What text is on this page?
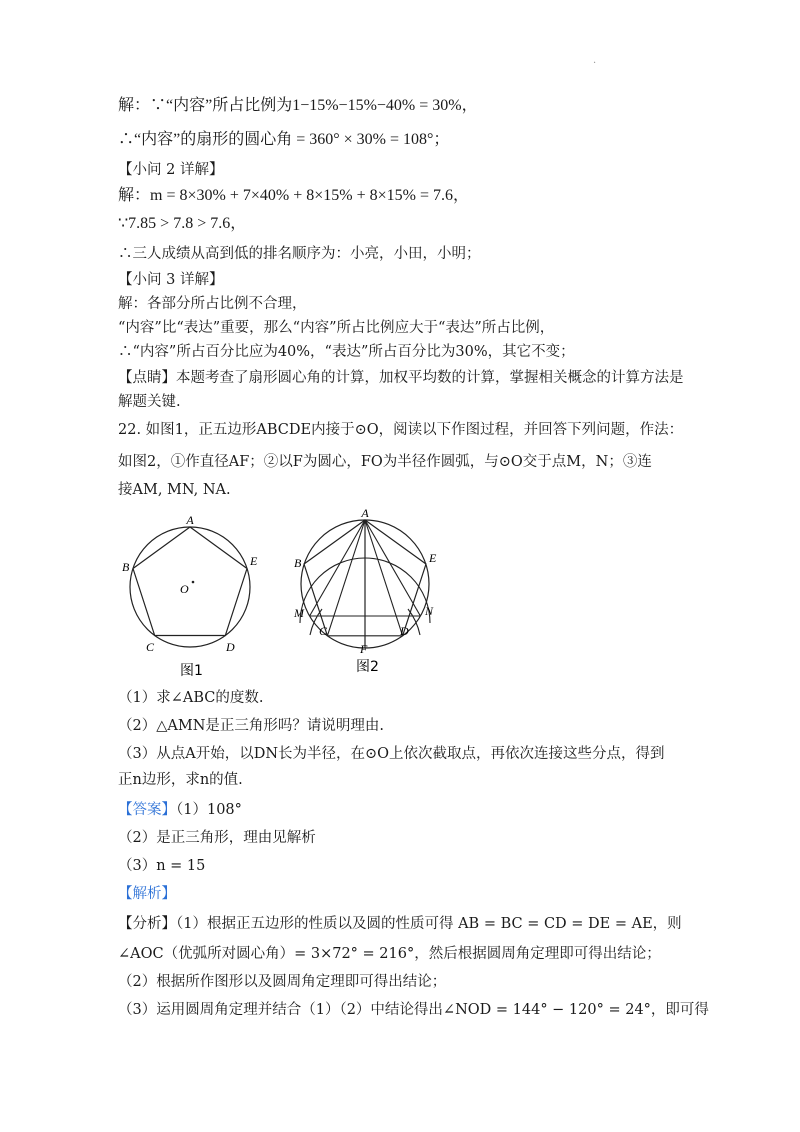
·
解：∵“内容”所占比例为1−15%−15%−40% = 30%，
∴“内容”的扇形的圆心角 = 360° × 30% = 108°；
【小问 2 详解】
解：m = 8×30% + 7×40% + 8×15% + 8×15% = 7.6，
∵7.85 > 7.8 > 7.6，
∴三人成绩从高到低的排名顺序为：小亮，小田，小明；
【小问 3 详解】
解：各部分所占比例不合理，
“内容”比“表达”重要，那么“内容”所占比例应大于“表达”所占比例，
∴“内容”所占百分比应为40%，“表达”所占百分比为30%，其它不变；
【点睛】本题考查了扇形圆心角的计算，加权平均数的计算，掌握相关概念的计算方法是
解题关键.
22. 如图1，正五边形ABCDE内接于⊙O，阅读以下作图过程，并回答下列问题，作法：
如图2，①作直径AF；②以F为圆心，FO为半径作圆弧，与⊙O交于点M，N；③连
接AM, MN, NA.
A
B	E
C	D
O
图1
A
B	E
M	N
C	D
F
图2
（1）求∠ABC的度数.
（2）△AMN是正三角形吗？请说明理由.
（3）从点A开始，以DN长为半径，在⊙O上依次截取点，再依次连接这些分点，得到
正n边形，求n的值.
【答案】（1）108°
（2）是正三角形，理由见解析
（3）n = 15
【解析】
【分析】（1）根据正五边形的性质以及圆的性质可得 AB = BC = CD = DE = AE，则
∠AOC（优弧所对圆心角）= 3×72° = 216°，然后根据圆周角定理即可得出结论；
（2）根据所作图形以及圆周角定理即可得出结论；
（3）运用圆周角定理并结合（1）（2）中结论得出∠NOD = 144° − 120° = 24°，即可得
